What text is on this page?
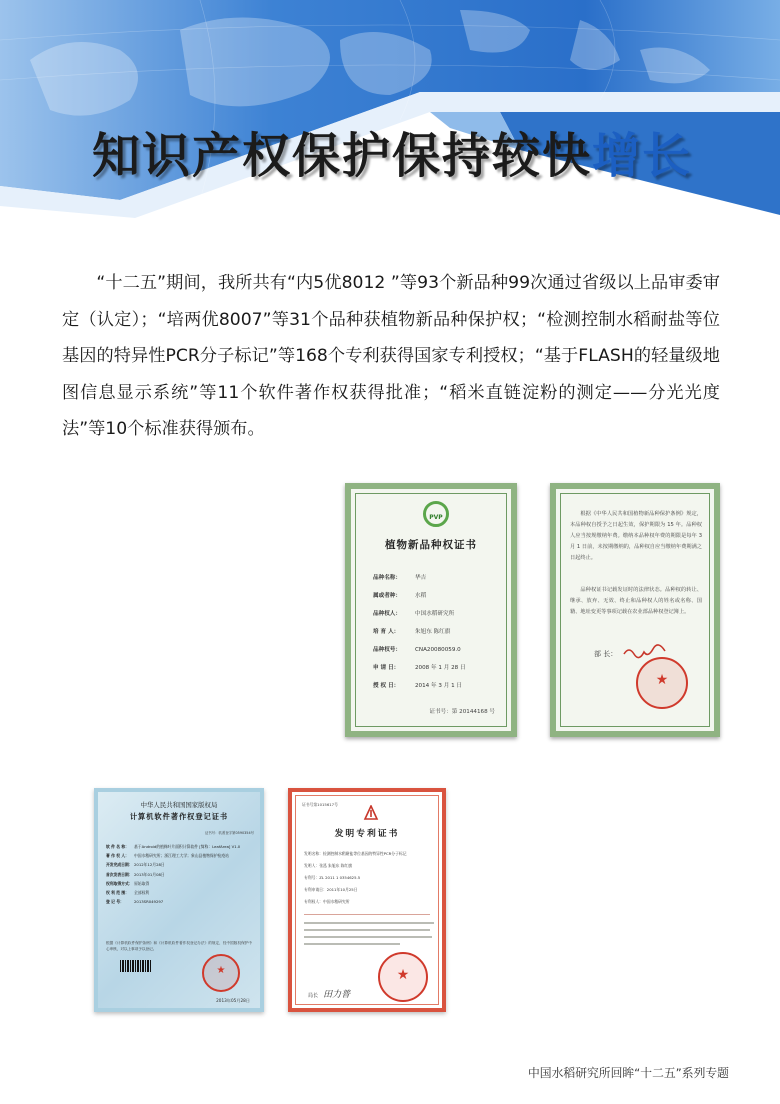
知识产权保护保持较快增长

“十二五”期间，我所共有“内5优8012 ”等93个新品种99次通过省级以上品审委审定（认定）；“培两优8007”等31个品种获植物新品种保护权；“检测控制水稻耐盐等位基因的特异性PCR分子标记”等168个专利获得国家专利授权；“基于FLASH的轻量级地图信息显示系统”等11个软件著作权获得批准；“稻米直链淀粉的测定——分光光度法”等10个标准获得颁布。

PVP
植物新品种权证书
品种名称：	华吉
属或者种：	水稻
品种权人：	中国水稻研究所
培 育 人：	朱旭东 陈红旗
品种权号：	CNA20080059.0
申 请 日：	2008 年 1 月 28 日
授 权 日：	2014 年 3 月 1 日
证书号：第 20144168 号
根据《中华人民共和国植物新品种保护条例》规定，本品种权自授予之日起生效，保护期限为 15 年。品种权人应当按规缴纳年费。缴纳本品种权年费的期限是每年 3 月 1 日前，未按期缴纳的，品种权自应当缴纳年费期满之日起终止。
品种权证书记载发证时的法律状态。品种权的转让、继承、放弃、无效、终止和品种权人的姓名或名称、国籍、地址变更等事项记载在农业部品种权登记簿上。
部 长：
★
中华人民共和国国家版权局
计算机软件著作权登记证书
证书号：软著登字第0590354号
软 件 名 称：	基于Android的植株叶片面积计算软件 [简称：LeafArea] V1.0
著 作 权 人：	中国水稻研究所；浙江理工大学；象山县植物保护检疫站
开发完成日期： 2012年12月28日
首次发表日期： 2013年01月08日
权利取得方式： 原始取得
权 利 范 围：	全部权利
登 记 号：	2013SR049297
根据《计算机软件保护条例》和《计算机软件著作权登记办法》的规定，经中国版权保护中心审核，对以上事项予以登记。
★
2013年05月28日
证书号第1015617号
发明专利证书
发明名称：检测控制水稻耐盐等位基因的特异性PCR分子标记
发明人：张泓 朱旭东 陈红旗
专利号：ZL 2011 1 0354625.5
专利申请日：2011年10月25日
专利权人：中国水稻研究所
★
局长 田力普
中国水稻研究所回眸“十二五”系列专题
